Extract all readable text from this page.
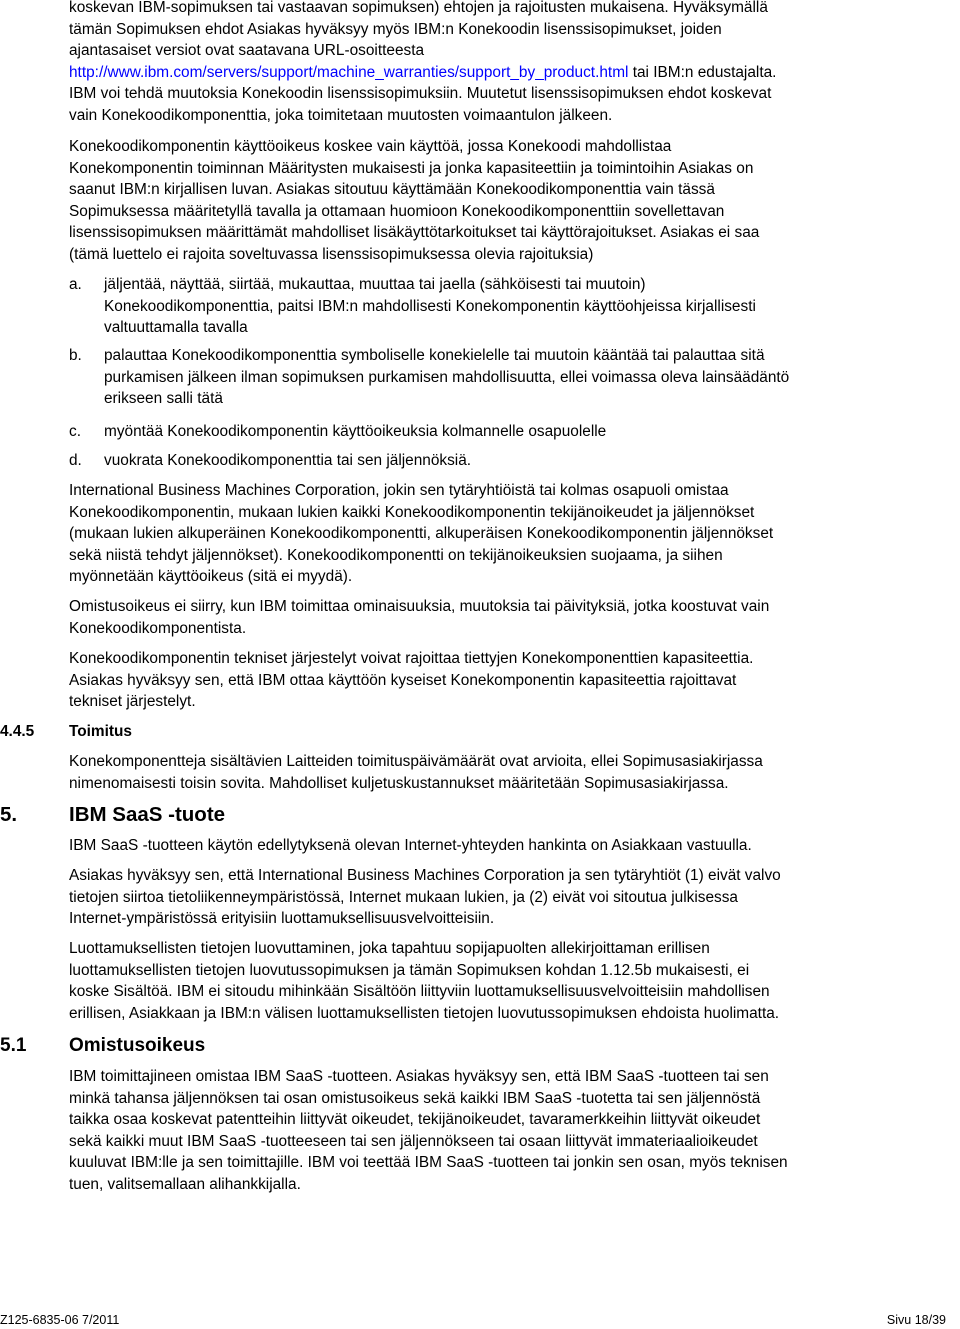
koskevan IBM-sopimuksen tai vastaavan sopimuksen) ehtojen ja rajoitusten mukaisena. Hyväksymällä

tämän Sopimuksen ehdot Asiakas hyväksyy myös IBM:n Konekoodin lisenssisopimukset, joiden

ajantasaiset versiot ovat saatavana URL-osoitteesta

http://www.ibm.com/servers/support/machine_warranties/support_by_product.html tai IBM:n edustajalta.

IBM voi tehdä muutoksia Konekoodin lisenssisopimuksiin. Muutetut lisenssisopimuksen ehdot koskevat

vain Konekoodikomponenttia, joka toimitetaan muutosten voimaantulon jälkeen.

Konekoodikomponentin käyttöoikeus koskee vain käyttöä, jossa Konekoodi mahdollistaa

Konekomponentin toiminnan Määritysten mukaisesti ja jonka kapasiteettiin ja toimintoihin Asiakas on

saanut IBM:n kirjallisen luvan. Asiakas sitoutuu käyttämään Konekoodikomponenttia vain tässä

Sopimuksessa määritetyllä tavalla ja ottamaan huomioon Konekoodikomponenttiin sovellettavan

lisenssisopimuksen määrittämät mahdolliset lisäkäyttötarkoitukset tai käyttörajoitukset. Asiakas ei saa

(tämä luettelo ei rajoita soveltuvassa lisenssisopimuksessa olevia rajoituksia)

a.	jäljentää, näyttää, siirtää, mukauttaa, muuttaa tai jaella (sähköisesti tai muutoin)

Konekoodikomponenttia, paitsi IBM:n mahdollisesti Konekomponentin käyttöohjeissa kirjallisesti

valtuuttamalla tavalla

b.	palauttaa Konekoodikomponenttia symboliselle konekielelle tai muutoin kääntää tai palauttaa sitä

purkamisen jälkeen ilman sopimuksen purkamisen mahdollisuutta, ellei voimassa oleva lainsäädäntö

erikseen salli tätä

c.	myöntää Konekoodikomponentin käyttöoikeuksia kolmannelle osapuolelle

d.	vuokrata Konekoodikomponenttia tai sen jäljennöksiä.

International Business Machines Corporation, jokin sen tytäryhtiöistä tai kolmas osapuoli omistaa

Konekoodikomponentin, mukaan lukien kaikki Konekoodikomponentin tekijänoikeudet ja jäljennökset

(mukaan lukien alkuperäinen Konekoodikomponentti, alkuperäisen Konekoodikomponentin jäljennökset

sekä niistä tehdyt jäljennökset). Konekoodikomponentti on tekijänoikeuksien suojaama, ja siihen

myönnetään käyttöoikeus (sitä ei myydä).

Omistusoikeus ei siirry, kun IBM toimittaa ominaisuuksia, muutoksia tai päivityksiä, jotka koostuvat vain

Konekoodikomponentista.

Konekoodikomponentin tekniset järjestelyt voivat rajoittaa tiettyjen Konekomponenttien kapasiteettia.

Asiakas hyväksyy sen, että IBM ottaa käyttöön kyseiset Konekomponentin kapasiteettia rajoittavat

tekniset järjestelyt.

4.4.5 Toimitus

Konekomponentteja sisältävien Laitteiden toimituspäivämäärät ovat arvioita, ellei Sopimusasiakirjassa

nimenomaisesti toisin sovita. Mahdolliset kuljetuskustannukset määritetään Sopimusasiakirjassa.

5.	IBM SaaS -tuote

IBM SaaS -tuotteen käytön edellytyksenä olevan Internet-yhteyden hankinta on Asiakkaan vastuulla.

Asiakas hyväksyy sen, että International Business Machines Corporation ja sen tytäryhtiöt (1) eivät valvo

tietojen siirtoa tietoliikenneympäristössä, Internet mukaan lukien, ja (2) eivät voi sitoutua julkisessa

Internet-ympäristössä erityisiin luottamuksellisuusvelvoitteisiin.

Luottamuksellisten tietojen luovuttaminen, joka tapahtuu sopijapuolten allekirjoittaman erillisen

luottamuksellisten tietojen luovutussopimuksen ja tämän Sopimuksen kohdan 1.12.5b mukaisesti, ei

koske Sisältöä. IBM ei sitoudu mihinkään Sisältöön liittyviin luottamuksellisuusvelvoitteisiin mahdollisen

erillisen, Asiakkaan ja IBM:n välisen luottamuksellisten tietojen luovutussopimuksen ehdoista huolimatta.

5.1 Omistusoikeus

IBM toimittajineen omistaa IBM SaaS -tuotteen. Asiakas hyväksyy sen, että IBM SaaS -tuotteen tai sen

minkä tahansa jäljennöksen tai osan omistusoikeus sekä kaikki IBM SaaS -tuotetta tai sen jäljennöstä

taikka osaa koskevat patentteihin liittyvät oikeudet, tekijänoikeudet, tavaramerkkeihin liittyvät oikeudet

sekä kaikki muut IBM SaaS -tuotteeseen tai sen jäljennökseen tai osaan liittyvät immateriaalioikeudet

kuuluvat IBM:lle ja sen toimittajille. IBM voi teettää IBM SaaS -tuotteen tai jonkin sen osan, myös teknisen

tuen, valitsemallaan alihankkijalla.

Z125-6835-06 7/2011	Sivu 18/39
